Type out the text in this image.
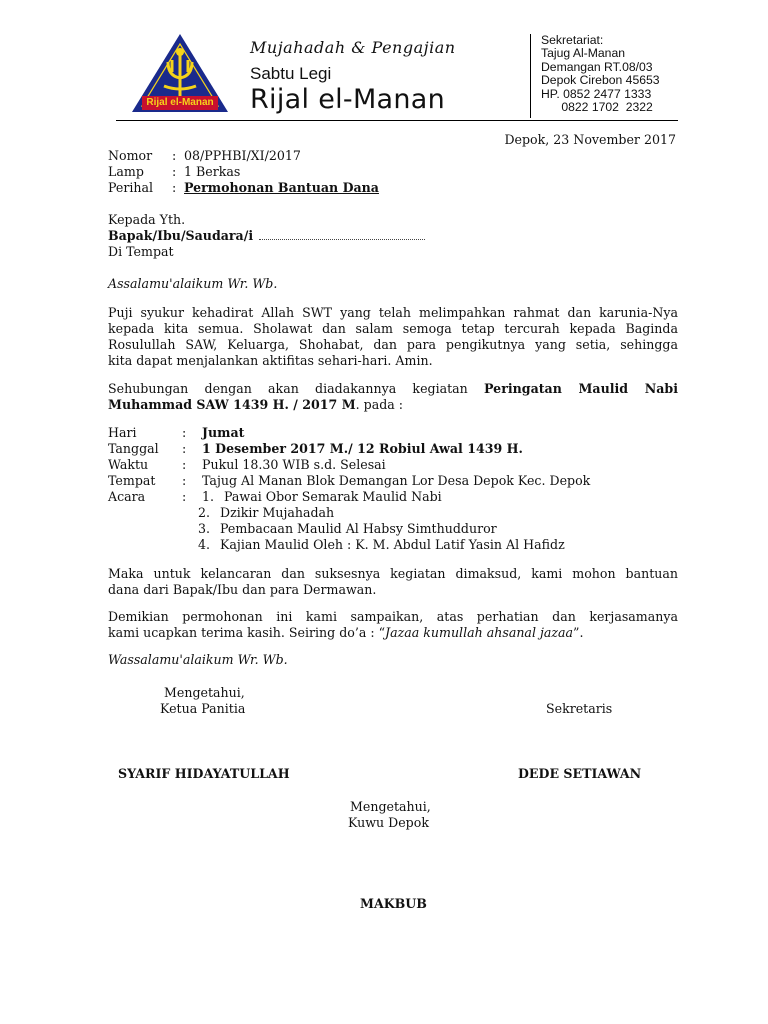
Rijal el-Manan
Mujahadah & Pengajian
Sabtu Legi
Rijal el-Manan
Sekretariat:
Tajug Al-Manan
Demangan RT.08/03
Depok Cirebon 45653
HP. 0852 2477 1333
0822 1702  2322
Depok, 23 November 2017
Nomor : 08/PPHBI/XI/2017
Lamp : 1 Berkas
Perihal : Permohonan Bantuan Dana
Kepada Yth.
Bapak/Ibu/Saudara/i
Di Tempat
Assalamu'alaikum Wr. Wb.
Puji syukur kehadirat Allah SWT yang telah melimpahkan rahmat dan karunia-Nya
kepada kita semua. Sholawat dan salam semoga tetap tercurah kepada Baginda
Rosulullah SAW, Keluarga, Shohabat, dan para pengikutnya yang setia, sehingga
kita dapat menjalankan aktifitas sehari-hari. Amin.
Sehubungan dengan akan diadakannya kegiatan Peringatan Maulid Nabi
Muhammad SAW 1439 H. / 2017 M. pada :
Hari	: Jumat
Tanggal : 1 Desember 2017 M./ 12 Robiul Awal 1439 H.
Waktu	: Pukul 18.30 WIB s.d. Selesai
Tempat : Tajug Al Manan Blok Demangan Lor Desa Depok Kec. Depok
Acara	: 1. Pawai Obor Semarak Maulid Nabi
2. Dzikir Mujahadah
3. Pembacaan Maulid Al Habsy Simthudduror
4. Kajian Maulid Oleh : K. M. Abdul Latif Yasin Al Hafidz
Maka untuk kelancaran dan suksesnya kegiatan dimaksud, kami mohon bantuan
dana dari Bapak/Ibu dan para Dermawan.
Demikian permohonan ini kami sampaikan, atas perhatian dan kerjasamanya
kami ucapkan terima kasih. Seiring do’a : “Jazaa kumullah ahsanal jazaa”.
Wassalamu'alaikum Wr. Wb.
Mengetahui,
Ketua Panitia	Sekretaris
SYARIF HIDAYATULLAH	DEDE SETIAWAN
Mengetahui,
Kuwu Depok
MAKBUB
